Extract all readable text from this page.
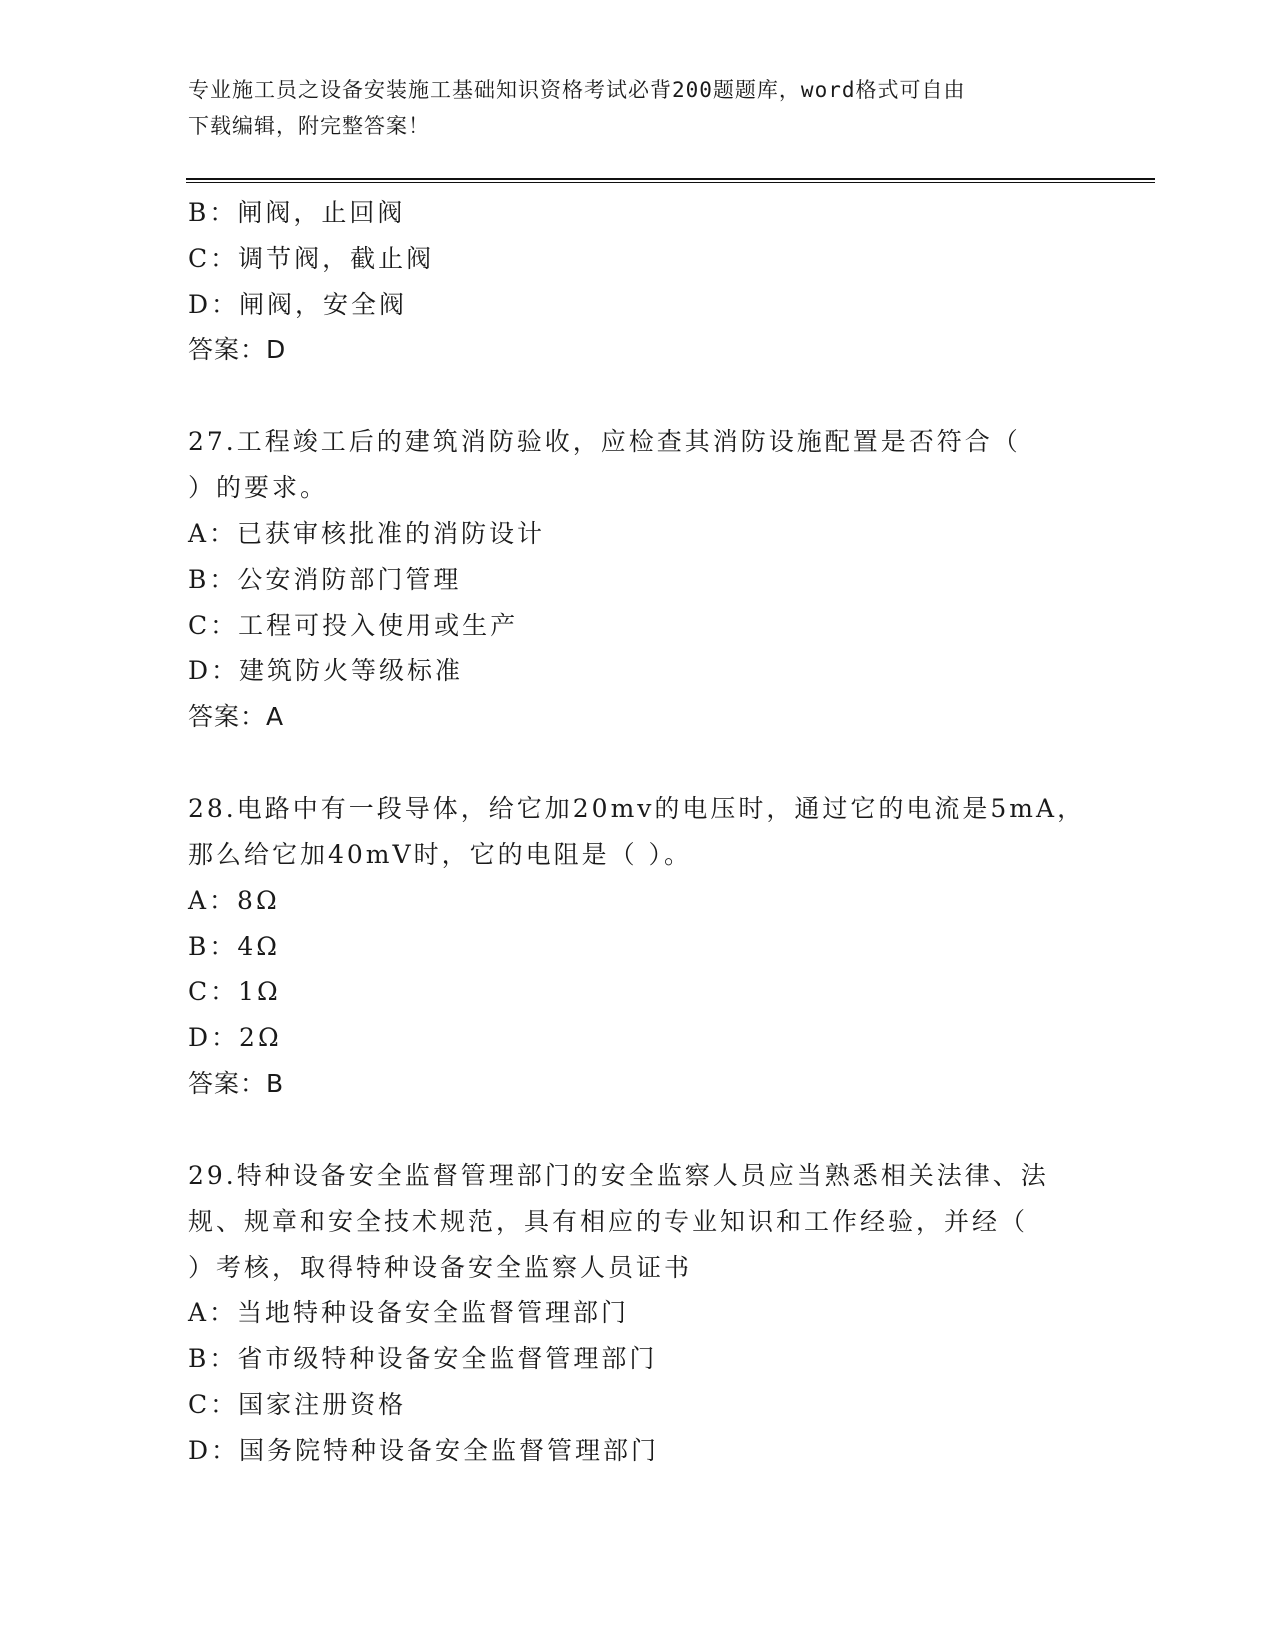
专业施工员之设备安装施工基础知识资格考试必背200题题库，word格式可自由
下载编辑，附完整答案！
B：闸阀，止回阀
C：调节阀，截止阀
D：闸阀，安全阀
答案：D
27.工程竣工后的建筑消防验收，应检查其消防设施配置是否符合（
）的要求。
A：已获审核批准的消防设计
B：公安消防部门管理
C：工程可投入使用或生产
D：建筑防火等级标准
答案：A
28.电路中有一段导体，给它加20mv的电压时，通过它的电流是5mA，
那么给它加40mV时，它的电阻是（ ）。
A：8Ω
B：4Ω
C：1Ω
D：2Ω
答案：B
29.特种设备安全监督管理部门的安全监察人员应当熟悉相关法律、法
规、规章和安全技术规范，具有相应的专业知识和工作经验，并经（
）考核，取得特种设备安全监察人员证书
A：当地特种设备安全监督管理部门
B：省市级特种设备安全监督管理部门
C：国家注册资格
D：国务院特种设备安全监督管理部门
